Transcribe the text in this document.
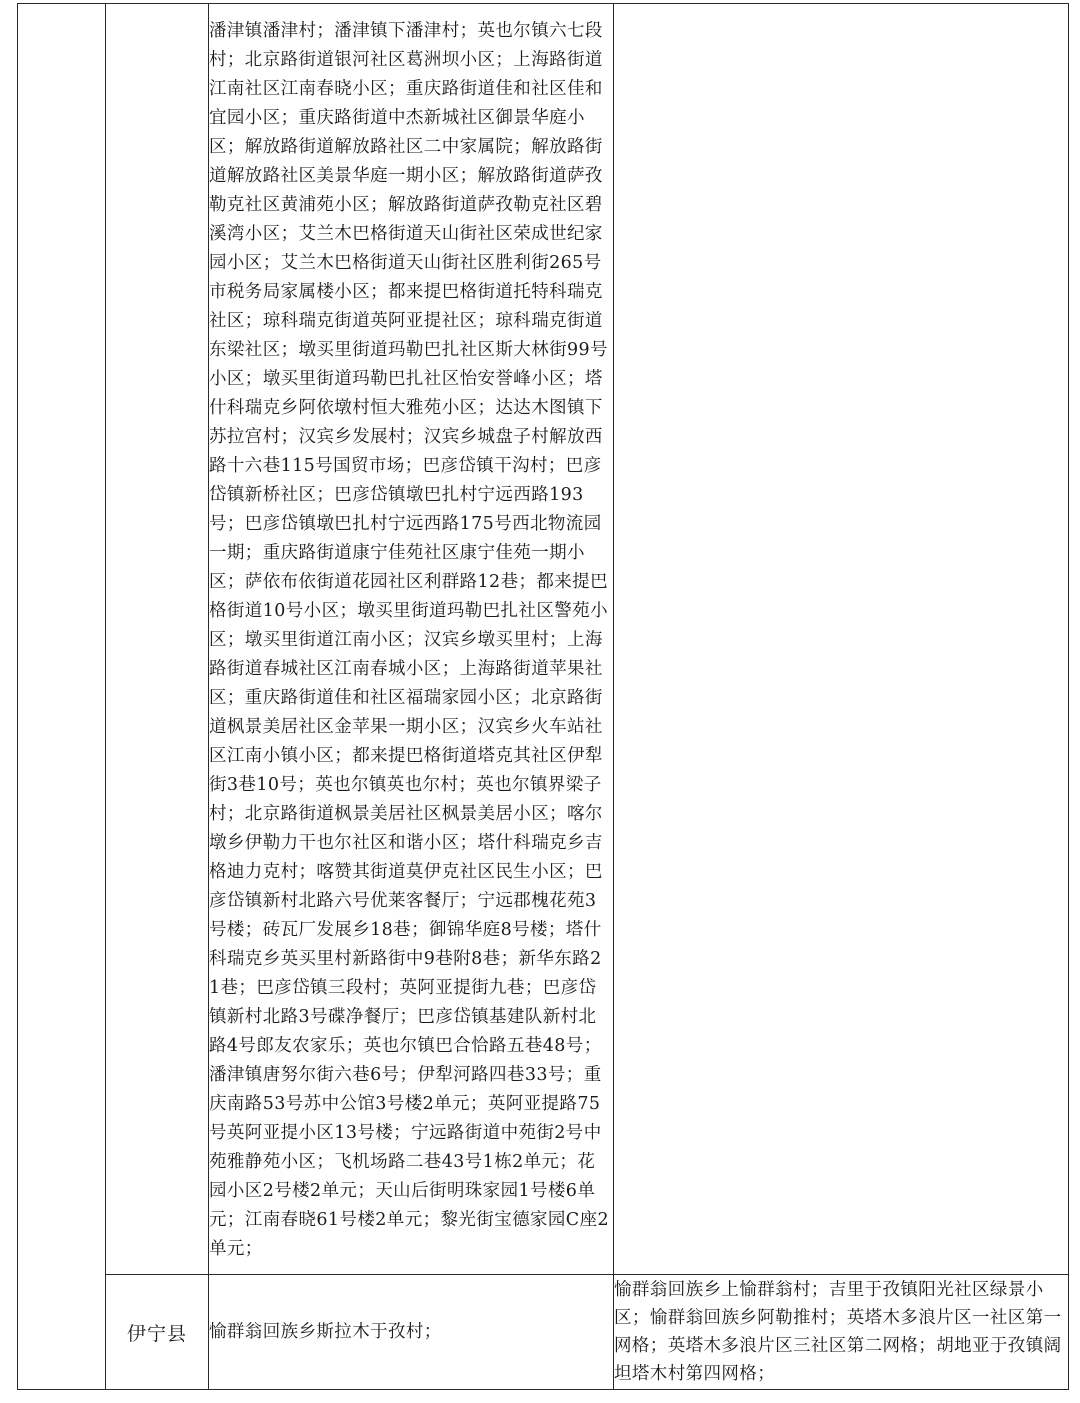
		潘津镇潘津村；潘津镇下潘津村；英也尔镇六七段村；北京路街道银河社区葛洲坝小区；上海路街道江南社区江南春晓小区；重庆路街道佳和社区佳和宜园小区；重庆路街道中杰新城社区御景华庭小区；解放路街道解放路社区二中家属院；解放路街道解放路社区美景华庭一期小区；解放路街道萨孜勒克社区黄浦苑小区；解放路街道萨孜勒克社区碧溪湾小区；艾兰木巴格街道天山街社区荣成世纪家园小区；艾兰木巴格街道天山街社区胜利街265号市税务局家属楼小区；都来提巴格街道托特科瑞克社区；琼科瑞克街道英阿亚提社区；琼科瑞克街道东梁社区；墩买里街道玛勒巴扎社区斯大林街99号小区；墩买里街道玛勒巴扎社区怡安誉峰小区；塔什科瑞克乡阿依墩村恒大雅苑小区；达达木图镇下苏拉宫村；汉宾乡发展村；汉宾乡城盘子村解放西路十六巷115号国贸市场；巴彦岱镇干沟村；巴彦岱镇新桥社区；巴彦岱镇墩巴扎村宁远西路193号；巴彦岱镇墩巴扎村宁远西路175号西北物流园一期；重庆路街道康宁佳苑社区康宁佳苑一期小区；萨依布依街道花园社区利群路12巷；都来提巴格街道10号小区；墩买里街道玛勒巴扎社区警苑小区；墩买里街道江南小区；汉宾乡墩买里村；上海路街道春城社区江南春城小区；上海路街道苹果社区；重庆路街道佳和社区福瑞家园小区；北京路街道枫景美居社区金苹果一期小区；汉宾乡火车站社区江南小镇小区；都来提巴格街道塔克其社区伊犁街3巷10号；英也尔镇英也尔村；英也尔镇界梁子村；北京路街道枫景美居社区枫景美居小区；喀尔墩乡伊勒力干也尔社区和谐小区；塔什科瑞克乡吉格迪力克村；喀赞其街道莫伊克社区民生小区；巴彦岱镇新村北路六号优莱客餐厅；宁远郡槐花苑3号楼；砖瓦厂发展乡18巷；御锦华庭8号楼；塔什科瑞克乡英买里村新路街中9巷附8巷；新华东路21巷；巴彦岱镇三段村；英阿亚提街九巷；巴彦岱镇新村北路3号碟净餐厅；巴彦岱镇基建队新村北路4号郎友农家乐；英也尔镇巴合恰路五巷48号；潘津镇唐努尔街六巷6号；伊犁河路四巷33号；重庆南路53号苏中公馆3号楼2单元；英阿亚提路75号英阿亚提小区13号楼；宁远路街道中苑街2号中苑雅静苑小区；飞机场路二巷43号1栋2单元；花园小区2号楼2单元；天山后街明珠家园1号楼6单元；江南春晓61号楼2单元；黎光街宝德家园C座2单元；	

	伊宁县	愉群翁回族乡斯拉木于孜村；	愉群翁回族乡上愉群翁村；吉里于孜镇阳光社区绿景小区；愉群翁回族乡阿勒推村；英塔木多浪片区一社区第一网格；英塔木多浪片区三社区第二网格；胡地亚于孜镇阔坦塔木村第四网格；
